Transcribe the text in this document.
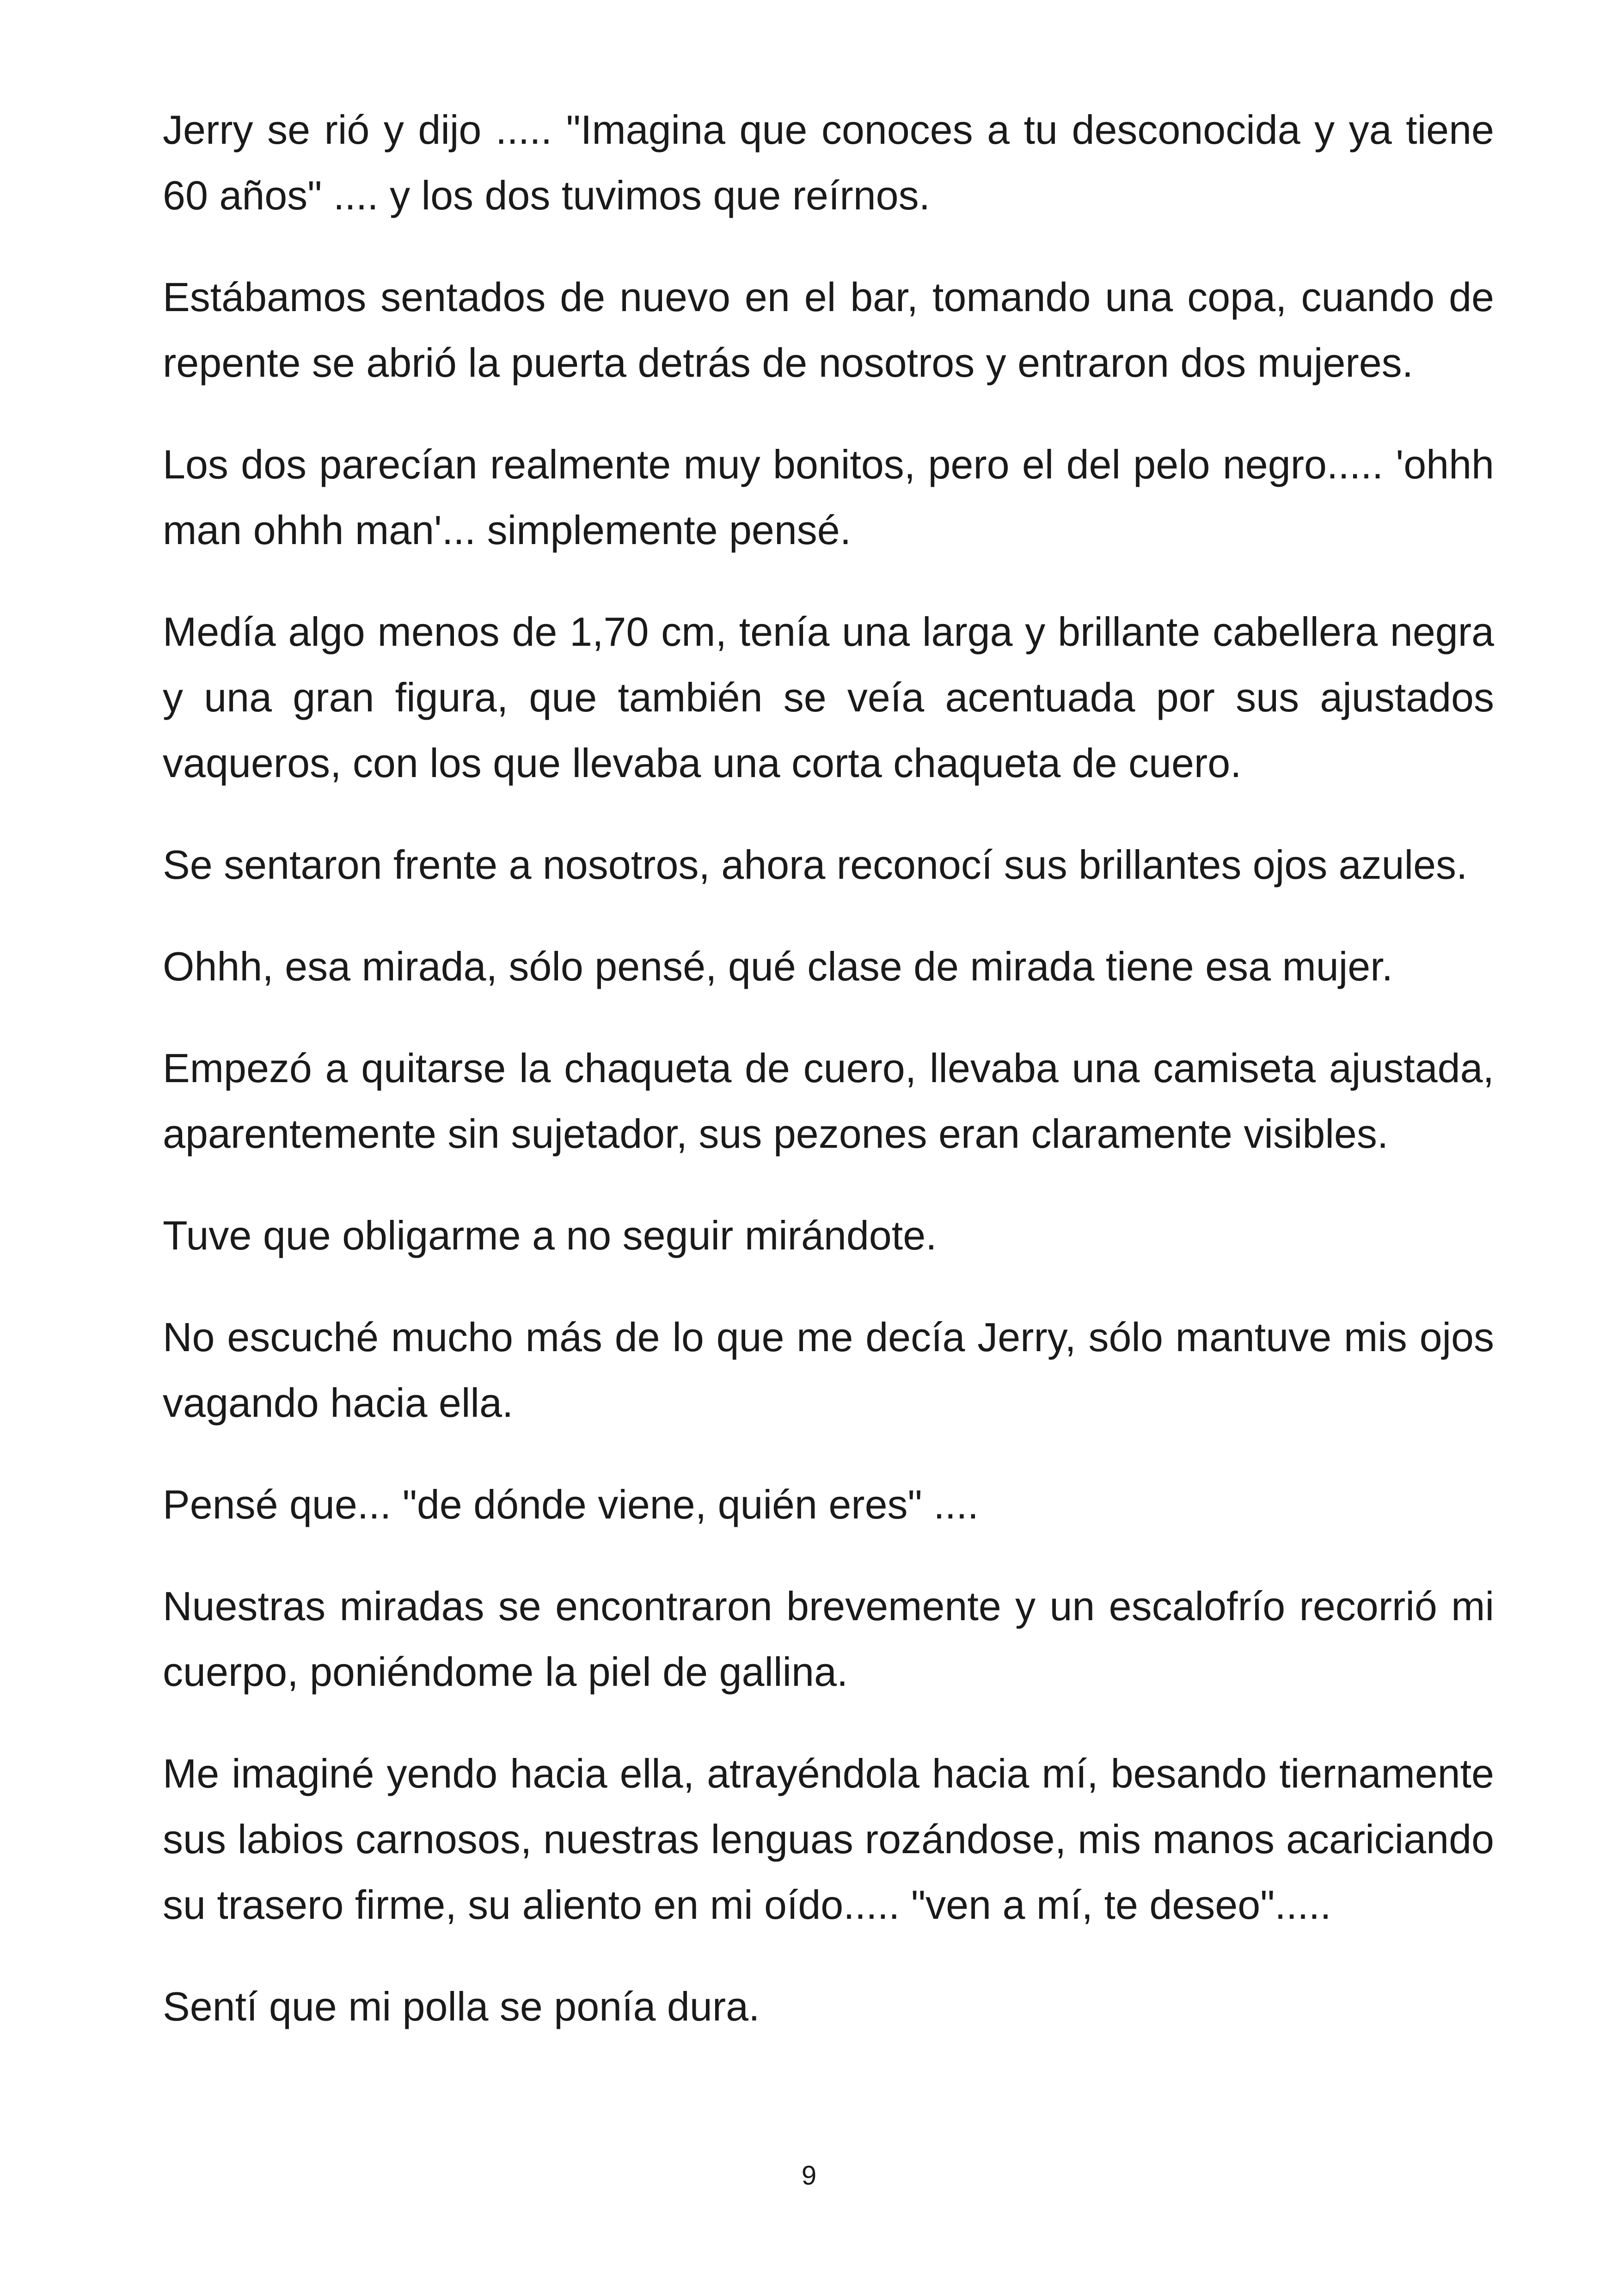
Jerry se rió y dijo ..... "Imagina que conoces a tu desconocida y ya tiene 60 años" .... y los dos tuvimos que reírnos.

Estábamos sentados de nuevo en el bar, tomando una copa, cuando de repente se abrió la puerta detrás de nosotros y entraron dos mujeres.

Los dos parecían realmente muy bonitos, pero el del pelo negro..... 'ohhh man ohhh man'... simplemente pensé.

Medía algo menos de 1,70 cm, tenía una larga y brillante cabellera negra y una gran figura, que también se veía acentuada por sus ajustados vaqueros, con los que llevaba una corta chaqueta de cuero.

Se sentaron frente a nosotros, ahora reconocí sus brillantes ojos azules.

Ohhh, esa mirada, sólo pensé, qué clase de mirada tiene esa mujer.

Empezó a quitarse la chaqueta de cuero, llevaba una camiseta ajustada, aparentemente sin sujetador, sus pezones eran claramente visibles.

Tuve que obligarme a no seguir mirándote.

No escuché mucho más de lo que me decía Jerry, sólo mantuve mis ojos vagando hacia ella.

Pensé que... "de dónde viene, quién eres" ....

Nuestras miradas se encontraron brevemente y un escalofrío recorrió mi cuerpo, poniéndome la piel de gallina.

Me imaginé yendo hacia ella, atrayéndola hacia mí, besando tiernamente sus labios carnosos, nuestras lenguas rozándose, mis manos acariciando su trasero firme, su aliento en mi oído..... "ven a mí, te deseo".....

Sentí que mi polla se ponía dura.

9
